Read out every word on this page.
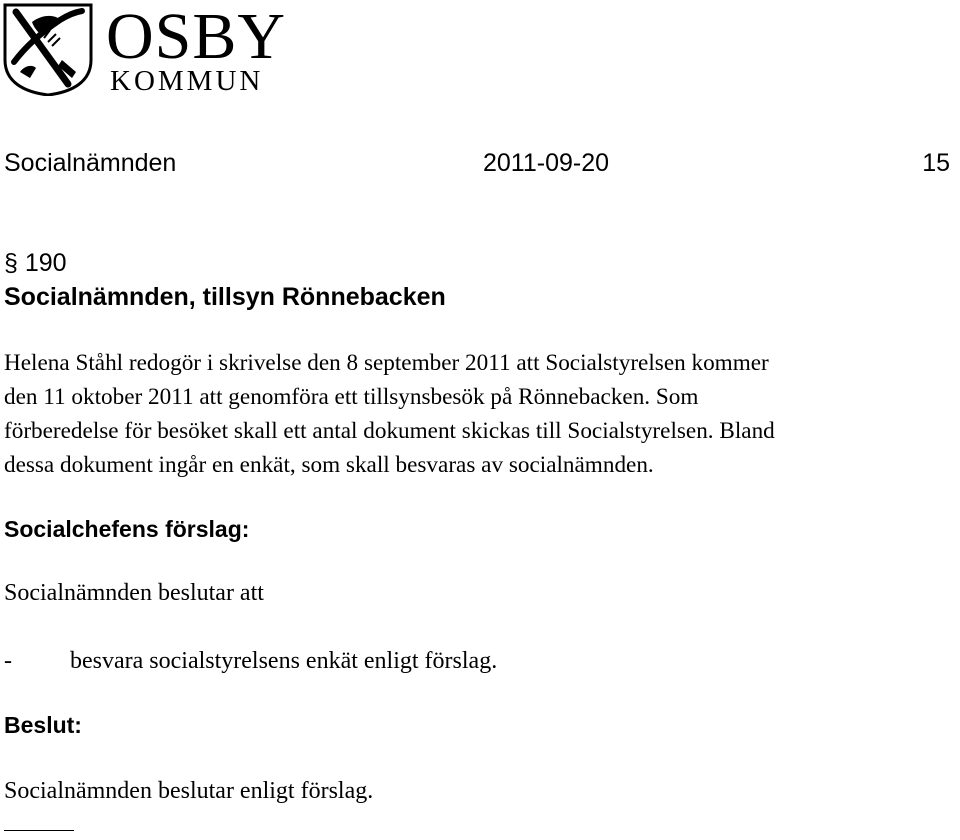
OSBY
KOMMUN
Socialnämnden	2011-09-20	15
§ 190
Socialnämnden, tillsyn Rönnebacken
Helena Ståhl redogör i skrivelse den 8 september 2011 att Socialstyrelsen kommer
den 11 oktober 2011 att genomföra ett tillsynsbesök på Rönnebacken. Som
förberedelse för besöket skall ett antal dokument skickas till Socialstyrelsen. Bland
dessa dokument ingår en enkät, som skall besvaras av socialnämnden.
Socialchefens förslag:
Socialnämnden beslutar att
- besvara socialstyrelsens enkät enligt förslag.
Beslut:
Socialnämnden beslutar enligt förslag.
